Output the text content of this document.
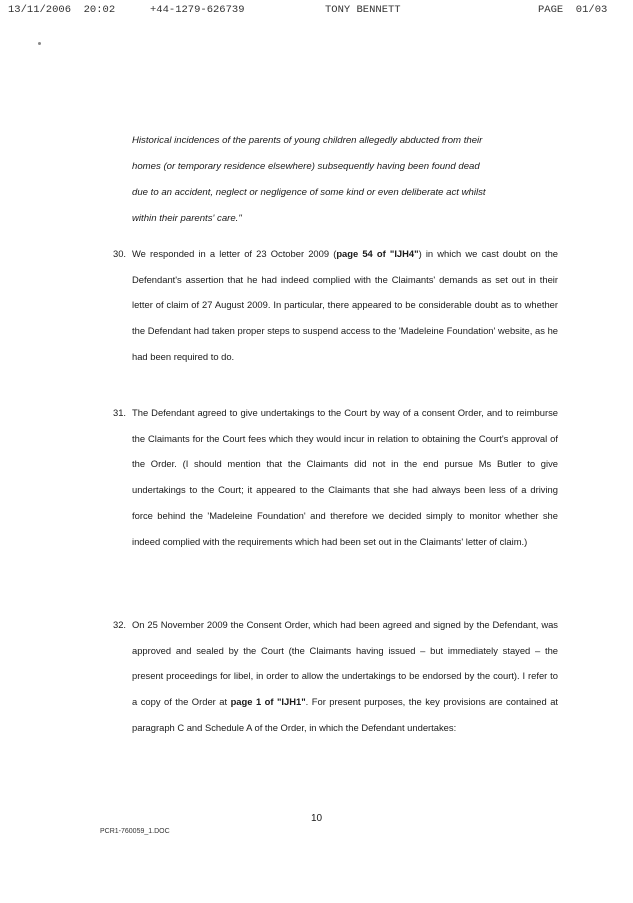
13/11/2006  20:02	+44-1279-626739	TONY BENNETT	PAGE  01/03

Historical incidences of the parents of young children allegedly abducted from their

homes (or temporary residence elsewhere) subsequently having been found dead

due to an accident, neglect or negligence of some kind or even deliberate act whilst

within their parents' care."

30. We responded in a letter of 23 October 2009 (page 54 of "IJH4") in which we cast doubt on the Defendant's assertion that he had indeed complied with the Claimants' demands as set out in their letter of claim of 27 August 2009. In particular, there appeared to be considerable doubt as to whether the Defendant had taken proper steps to suspend access to the 'Madeleine Foundation' website, as he had been required to do.

31. The Defendant agreed to give undertakings to the Court by way of a consent Order, and to reimburse the Claimants for the Court fees which they would incur in relation to obtaining the Court's approval of the Order. (I should mention that the Claimants did not in the end pursue Ms Butler to give undertakings to the Court; it appeared to the Claimants that she had always been less of a driving force behind the 'Madeleine Foundation' and therefore we decided simply to monitor whether she indeed complied with the requirements which had been set out in the Claimants' letter of claim.)

32. On 25 November 2009 the Consent Order, which had been agreed and signed by the Defendant, was approved and sealed by the Court (the Claimants having issued – but immediately stayed – the present proceedings for libel, in order to allow the undertakings to be endorsed by the court). I refer to a copy of the Order at page 1 of "IJH1". For present purposes, the key provisions are contained at paragraph C and Schedule A of the Order, in which the Defendant undertakes:

10
PCR1-760059_1.DOC
